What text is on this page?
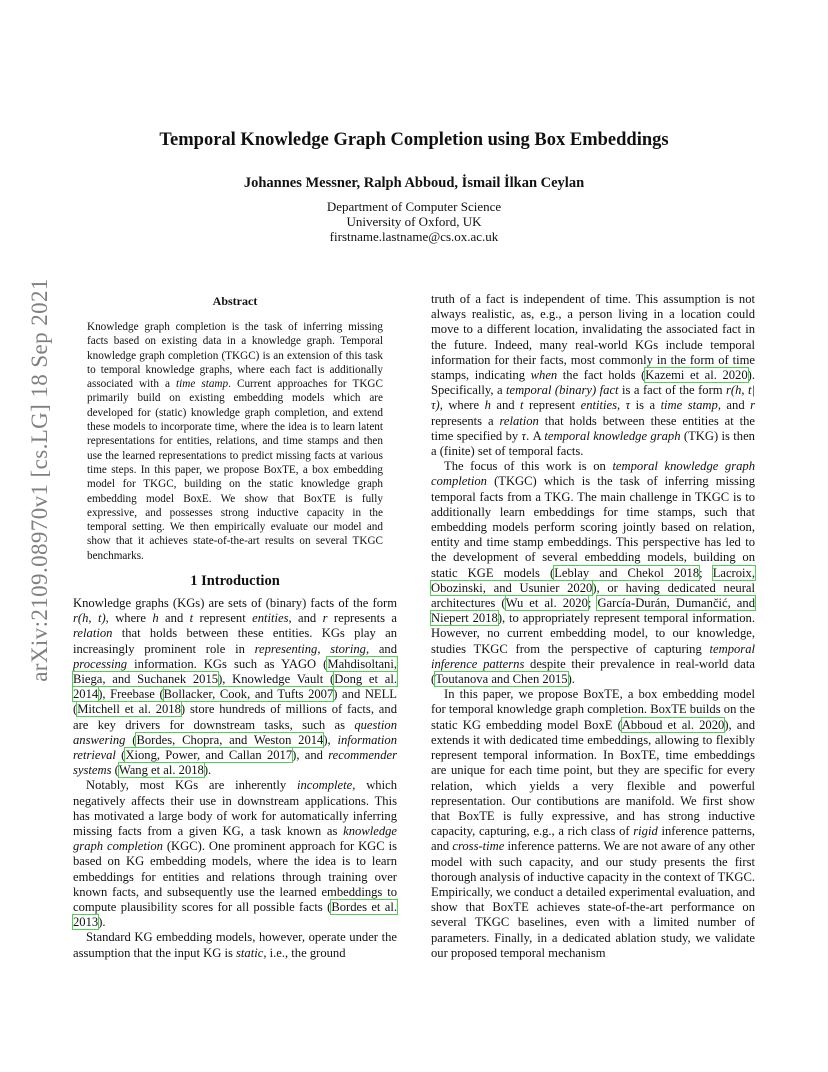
arXiv:2109.08970v1 [cs.LG] 18 Sep 2021
Temporal Knowledge Graph Completion using Box Embeddings
Johannes Messner, Ralph Abboud, İsmail İlkan Ceylan
Department of Computer Science
University of Oxford, UK
firstname.lastname@cs.ox.ac.uk
Abstract

Knowledge graph completion is the task of inferring missing facts based on existing data in a knowledge graph. Temporal knowledge graph completion (TKGC) is an extension of this task to temporal knowledge graphs, where each fact is additionally associated with a time stamp. Current approaches for TKGC primarily build on existing embedding models which are developed for (static) knowledge graph completion, and extend these models to incorporate time, where the idea is to learn latent representations for entities, relations, and time stamps and then use the learned representations to predict missing facts at various time steps. In this paper, we propose BoxTE, a box embedding model for TKGC, building on the static knowledge graph embedding model BoxE. We show that BoxTE is fully expressive, and possesses strong inductive capacity in the temporal setting. We then empirically evaluate our model and show that it achieves state-of-the-art results on several TKGC benchmarks.

1 Introduction

Knowledge graphs (KGs) are sets of (binary) facts of the form r(h, t), where h and t represent entities, and r represents a relation that holds between these entities. KGs play an increasingly prominent role in representing, storing, and processing information. KGs such as YAGO (Mahdisoltani, Biega, and Suchanek 2015), Knowledge Vault (Dong et al. 2014), Freebase (Bollacker, Cook, and Tufts 2007) and NELL (Mitchell et al. 2018) store hundreds of millions of facts, and are key drivers for downstream tasks, such as question answering (Bordes, Chopra, and Weston 2014), information retrieval (Xiong, Power, and Callan 2017), and recommender systems (Wang et al. 2018).

Notably, most KGs are inherently incomplete, which negatively affects their use in downstream applications. This has motivated a large body of work for automatically inferring missing facts from a given KG, a task known as knowledge graph completion (KGC). One prominent approach for KGC is based on KG embedding models, where the idea is to learn embeddings for entities and relations through training over known facts, and subsequently use the learned embeddings to compute plausibility scores for all possible facts (Bordes et al. 2013).

Standard KG embedding models, however, operate under the assumption that the input KG is static, i.e., the ground

truth of a fact is independent of time. This assumption is not always realistic, as, e.g., a person living in a location could move to a different location, invalidating the associated fact in the future. Indeed, many real-world KGs include temporal information for their facts, most commonly in the form of time stamps, indicating when the fact holds (Kazemi et al. 2020). Specifically, a temporal (binary) fact is a fact of the form r(h, t|τ), where h and t represent entities, τ is a time stamp, and r represents a relation that holds between these entities at the time specified by τ. A temporal knowledge graph (TKG) is then a (finite) set of temporal facts.

The focus of this work is on temporal knowledge graph completion (TKGC) which is the task of inferring missing temporal facts from a TKG. The main challenge in TKGC is to additionally learn embeddings for time stamps, such that embedding models perform scoring jointly based on relation, entity and time stamp embeddings. This perspective has led to the development of several embedding models, building on static KGE models (Leblay and Chekol 2018; Lacroix, Obozinski, and Usunier 2020), or having dedicated neural architectures (Wu et al. 2020; García-Durán, Dumančić, and Niepert 2018), to appropriately represent temporal information. However, no current embedding model, to our knowledge, studies TKGC from the perspective of capturing temporal inference patterns despite their prevalence in real-world data (Toutanova and Chen 2015).

In this paper, we propose BoxTE, a box embedding model for temporal knowledge graph completion. BoxTE builds on the static KG embedding model BoxE (Abboud et al. 2020), and extends it with dedicated time embeddings, allowing to flexibly represent temporal information. In BoxTE, time embeddings are unique for each time point, but they are specific for every relation, which yields a very flexible and powerful representation. Our contibutions are manifold. We first show that BoxTE is fully expressive, and has strong inductive capacity, capturing, e.g., a rich class of rigid inference patterns, and cross-time inference patterns. We are not aware of any other model with such capacity, and our study presents the first thorough analysis of inductive capacity in the context of TKGC. Empirically, we conduct a detailed experimental evaluation, and show that BoxTE achieves state-of-the-art performance on several TKGC baselines, even with a limited number of parameters. Finally, in a dedicated ablation study, we validate our proposed temporal mechanism
